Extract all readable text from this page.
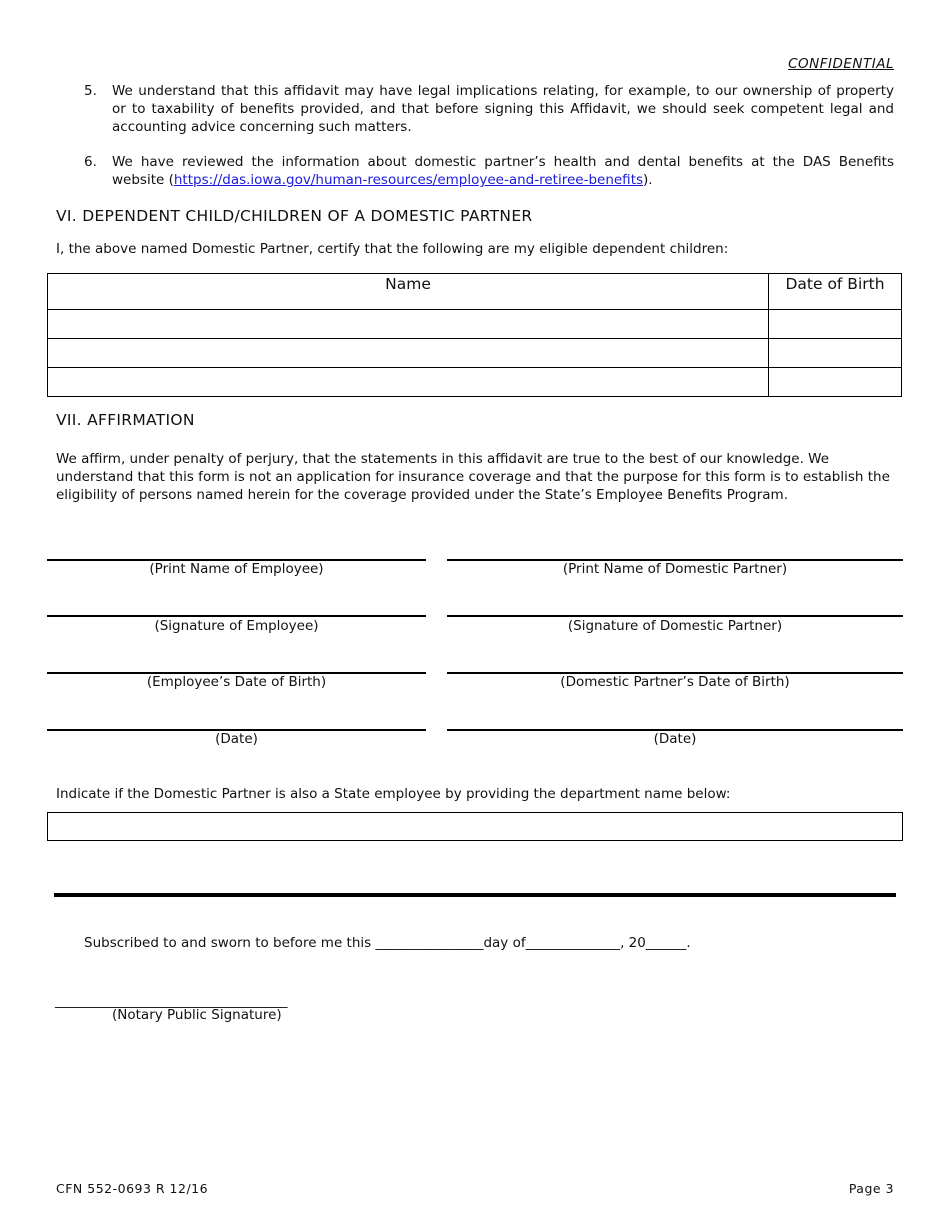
CONFIDENTIAL
5.	We understand that this affidavit may have legal implications relating, for example, to our ownership of property or to taxability of benefits provided, and that before signing this Affidavit, we should seek competent legal and accounting advice concerning such matters.
6.	We have reviewed the information about domestic partner’s health and dental benefits at the DAS Benefits website (https://das.iowa.gov/human-resources/employee-and-retiree-benefits).
VI. DEPENDENT CHILD/CHILDREN OF A DOMESTIC PARTNER
I, the above named Domestic Partner, certify that the following are my eligible dependent children:
Name	Date of Birth

VII. AFFIRMATION
We affirm, under penalty of perjury, that the statements in this affidavit are true to the best of our knowledge. We understand that this form is not an application for insurance coverage and that the purpose for this form is to establish the eligibility of persons named herein for the coverage provided under the State’s Employee Benefits Program.
(Print Name of Employee)	(Print Name of Domestic Partner)
(Signature of Employee)	(Signature of Domestic Partner)
(Employee’s Date of Birth)	(Domestic Partner’s Date of Birth)
(Date)	(Date)
Indicate if the Domestic Partner is also a State employee by providing the department name below:
Subscribed to and sworn to before me this ________________day of______________, 20______.
____________________________________
(Notary Public Signature)
CFN 552-0693 R 12/16	Page 3
